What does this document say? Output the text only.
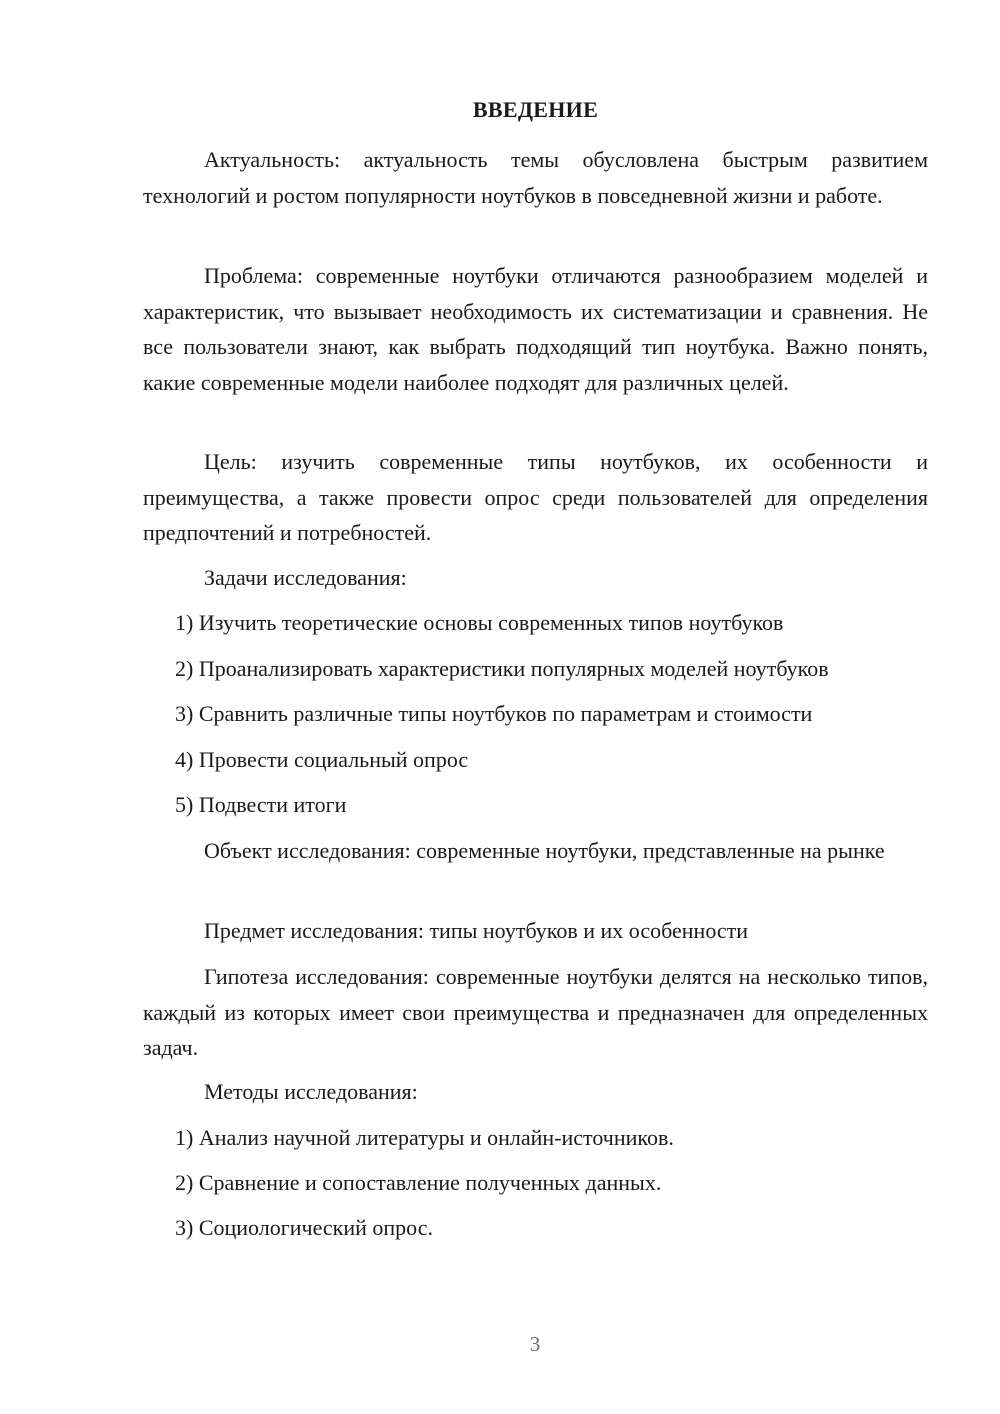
ВВЕДЕНИЕ

Актуальность: актуальность темы обусловлена быстрым развитием технологий и ростом популярности ноутбуков в повседневной жизни и работе.

Проблема: современные ноутбуки отличаются разнообразием моделей и характеристик, что вызывает необходимость их систематизации и сравнения. Не все пользователи знают, как выбрать подходящий тип ноутбука. Важно понять, какие современные модели наиболее подходят для различных целей.

Цель: изучить современные типы ноутбуков, их особенности и преимущества, а также провести опрос среди пользователей для определения предпочтений и потребностей.

Задачи исследования:

1) Изучить теоретические основы современных типов ноутбуков

2) Проанализировать характеристики популярных моделей ноутбуков

3) Сравнить различные типы ноутбуков по параметрам и стоимости

4) Провести социальный опрос

5) Подвести итоги

Объект исследования: современные ноутбуки, представленные на рынке

Предмет исследования: типы ноутбуков и их особенности

Гипотеза исследования: современные ноутбуки делятся на несколько типов, каждый из которых имеет свои преимущества и предназначен для определенных задач.

Методы исследования:

1) Анализ научной литературы и онлайн-источников.

2) Сравнение и сопоставление полученных данных.

3) Социологический опрос.

3
